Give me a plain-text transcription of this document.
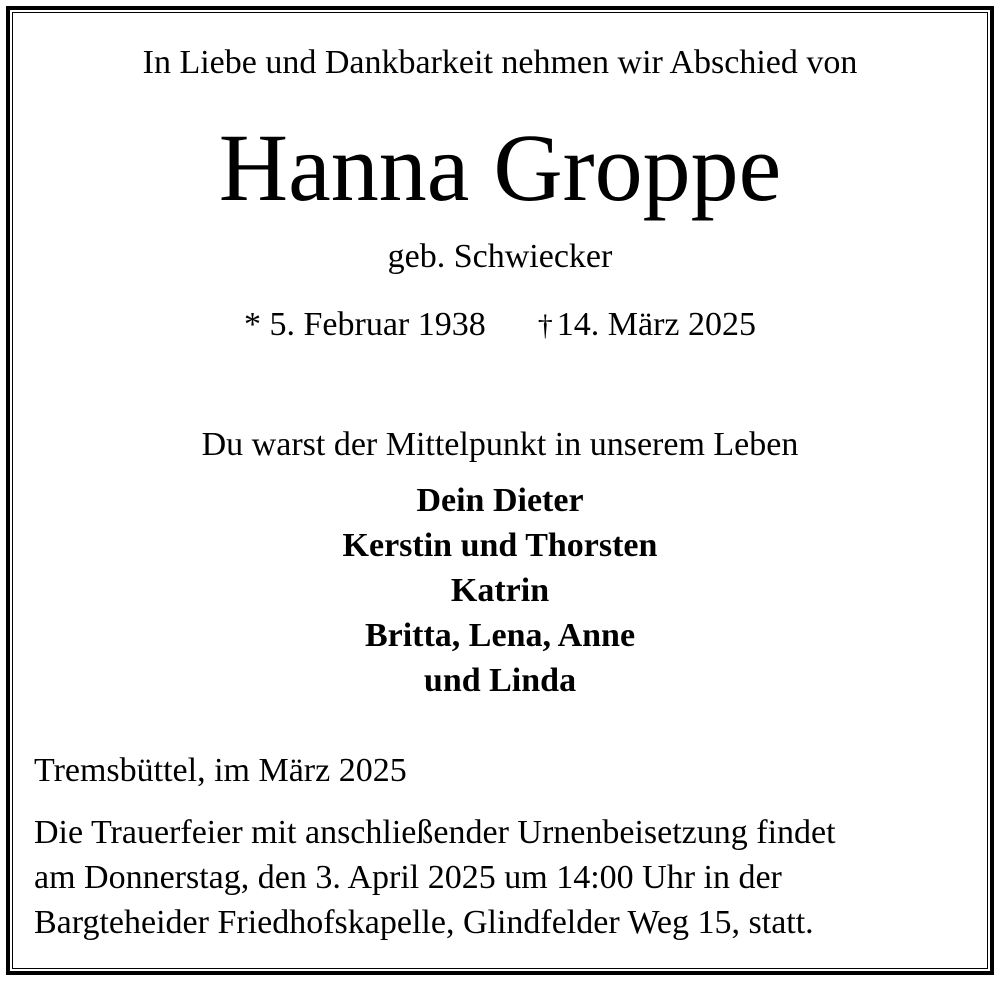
In Liebe und Dankbarkeit nehmen wir Abschied von
Hanna Groppe
geb. Schwiecker
* 5. Februar 1938 † 14. März 2025
Du warst der Mittelpunkt in unserem Leben
Dein Dieter
Kerstin und Thorsten
Katrin
Britta, Lena, Anne
und Linda
Tremsbüttel, im März 2025
Die Trauerfeier mit anschließender Urnenbeisetzung findet
am Donnerstag, den 3. April 2025 um 14:00 Uhr in der
Bargteheider Friedhofskapelle, Glindfelder Weg 15, statt.
